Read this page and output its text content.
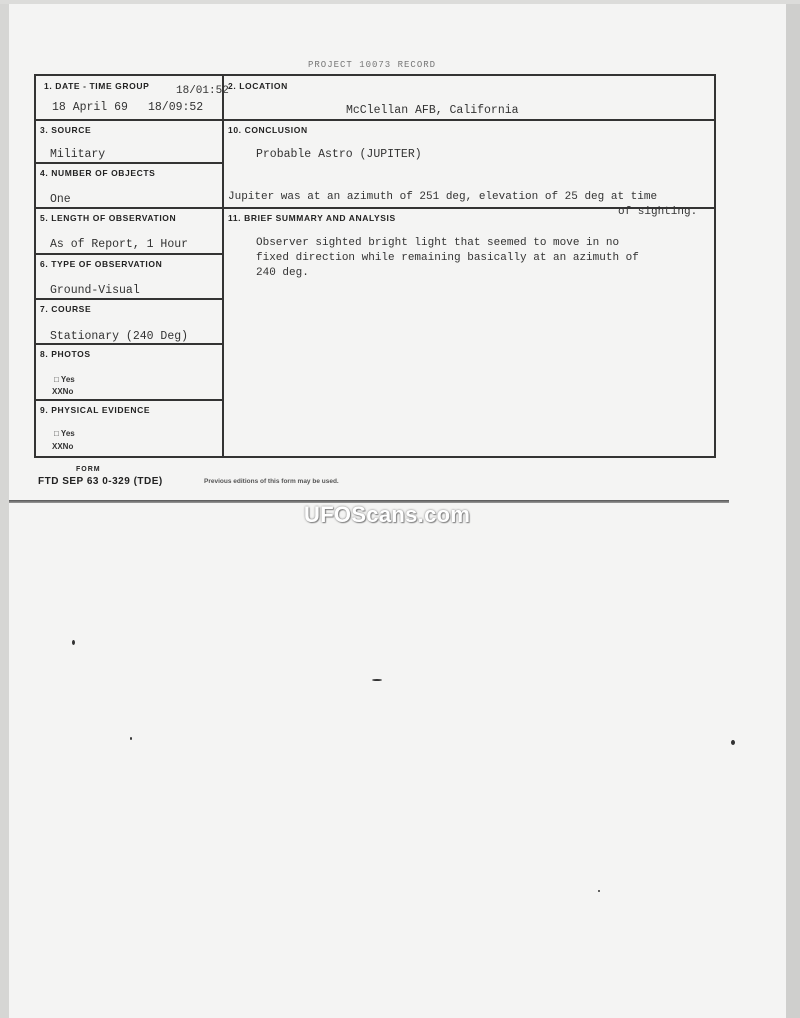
PROJECT 10073 RECORD
1. DATE - TIME GROUP 18/01:52
18 April 69 18/09:52
2. LOCATION
McClellan AFB, California
3. SOURCE
Military
10. CONCLUSION
Probable Astro (JUPITER)
4. NUMBER OF OBJECTS
One	Jupiter was at an azimuth of 251 deg, elevation of 25 deg at time
of sighting.
5. LENGTH OF OBSERVATION
As of Report, 1 Hour
11. BRIEF SUMMARY AND ANALYSIS
Observer sighted bright light that seemed to move in no
fixed direction while remaining basically at an azimuth of
240 deg.
6. TYPE OF OBSERVATION
Ground-Visual
7. COURSE
Stationary (240 Deg)
8. PHOTOS
□ Yes
XXNo
9. PHYSICAL EVIDENCE
□ Yes
XXNo
FORM
FTD SEP 63 0-329 (TDE)	Previous editions of this form may be used.
UFOScans.com
